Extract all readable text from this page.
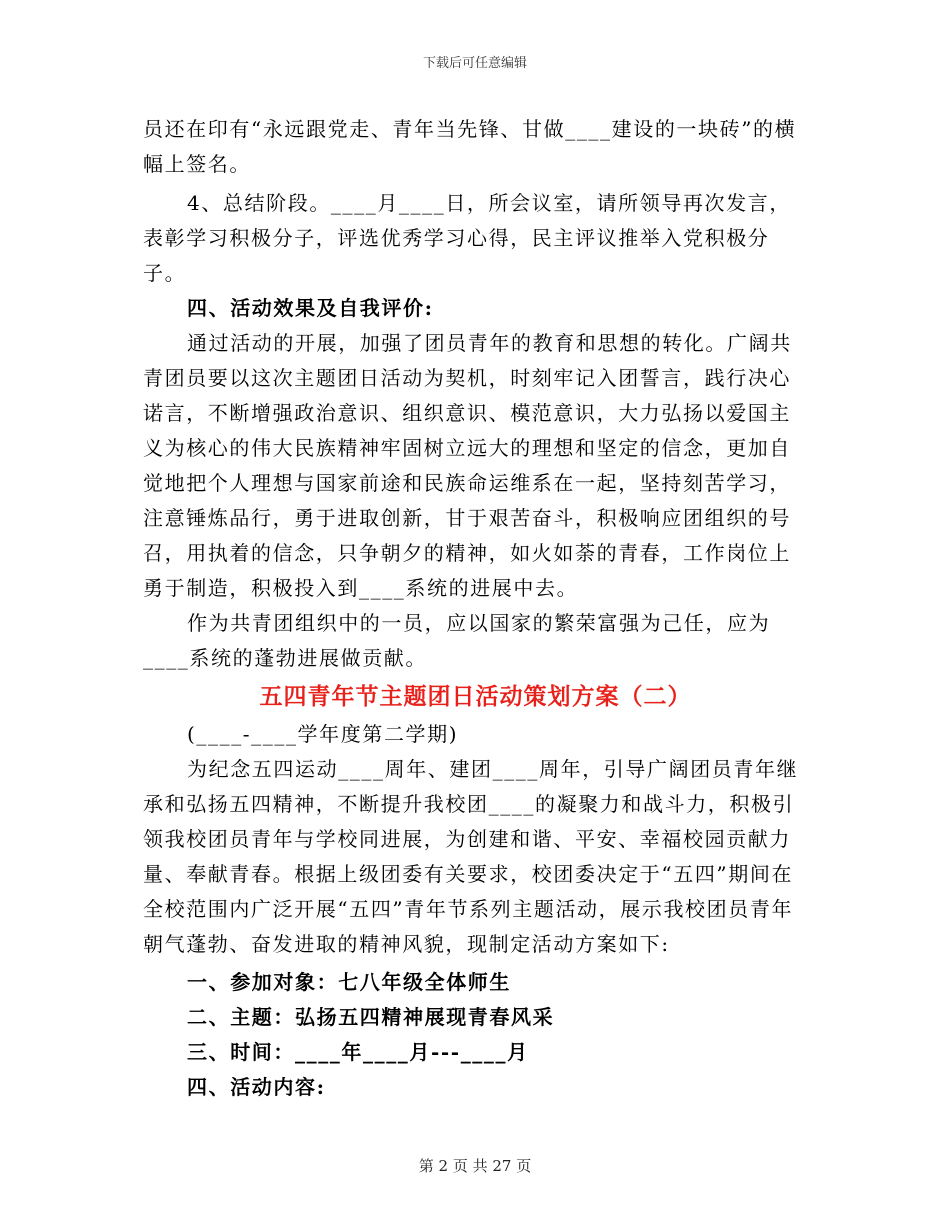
下载后可任意编辑

员还在印有“永远跟党走、青年当先锋、甘做____建设的一块砖”的横幅上签名。

4、总结阶段。____月____日，所会议室，请所领导再次发言，表彰学习积极分子，评选优秀学习心得，民主评议推举入党积极分子。

四、活动效果及自我评价:

通过活动的开展，加强了团员青年的教育和思想的转化。广阔共青团员要以这次主题团日活动为契机，时刻牢记入团誓言，践行决心诺言，不断增强政治意识、组织意识、模范意识，大力弘扬以爱国主义为核心的伟大民族精神牢固树立远大的理想和坚定的信念，更加自觉地把个人理想与国家前途和民族命运维系在一起，坚持刻苦学习，注意锤炼品行，勇于进取创新，甘于艰苦奋斗，积极响应团组织的号召，用执着的信念，只争朝夕的精神，如火如荼的青春，工作岗位上勇于制造，积极投入到____系统的进展中去。

作为共青团组织中的一员，应以国家的繁荣富强为己任，应为____系统的蓬勃进展做贡献。

五四青年节主题团日活动策划方案（二）

(____-____学年度第二学期)

为纪念五四运动____周年、建团____周年，引导广阔团员青年继承和弘扬五四精神，不断提升我校团____的凝聚力和战斗力，积极引领我校团员青年与学校同进展，为创建和谐、平安、幸福校园贡献力量、奉献青春。根据上级团委有关要求，校团委决定于“五四”期间在全校范围内广泛开展“五四”青年节系列主题活动，展示我校团员青年朝气蓬勃、奋发进取的精神风貌，现制定活动方案如下:

一、参加对象：七八年级全体师生

二、主题：弘扬五四精神展现青春风采

三、时间：____年____月---____月

四、活动内容:

第 2 页 共 27 页
